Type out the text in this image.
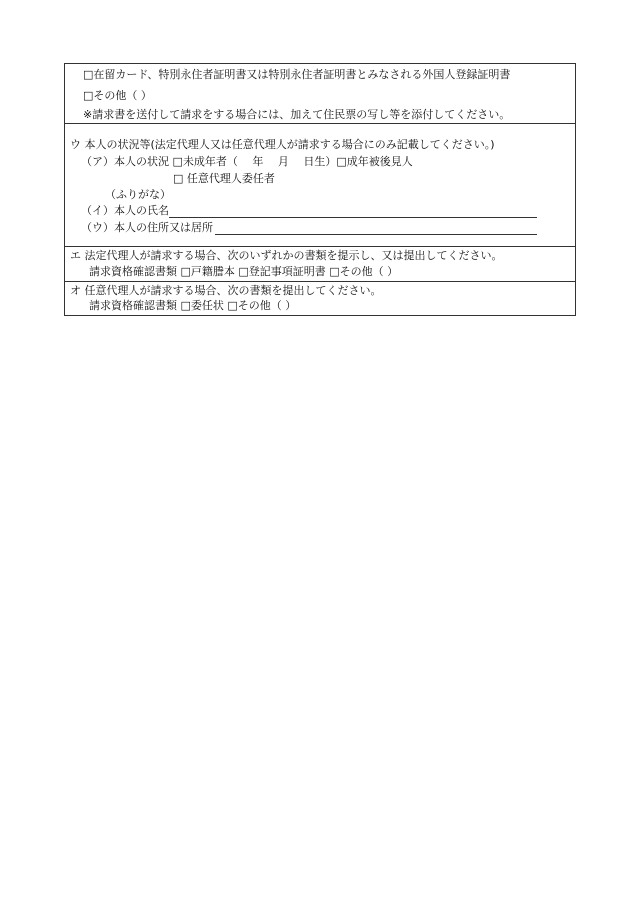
□在留カード、特別永住者証明書又は特別永住者証明書とみなされる外国人登録証明書
□その他（ ）
※請求書を送付して請求をする場合には、加えて住民票の写し等を添付してください。
ウ 本人の状況等(法定代理人又は任意代理人が請求する場合にのみ記載してください。)
（ア）本人の状況 □未成年者（　 年　 月　 日生）□成年被後見人
□ 任意代理人委任者
（ふりがな）
（イ）本人の氏名
（ウ）本人の住所又は居所
エ 法定代理人が請求する場合、次のいずれかの書類を提示し、又は提出してください。
請求資格確認書類 □戸籍謄本 □登記事項証明書 □その他（ ）
オ 任意代理人が請求する場合、次の書類を提出してください。
請求資格確認書類 □委任状 □その他（ ）
